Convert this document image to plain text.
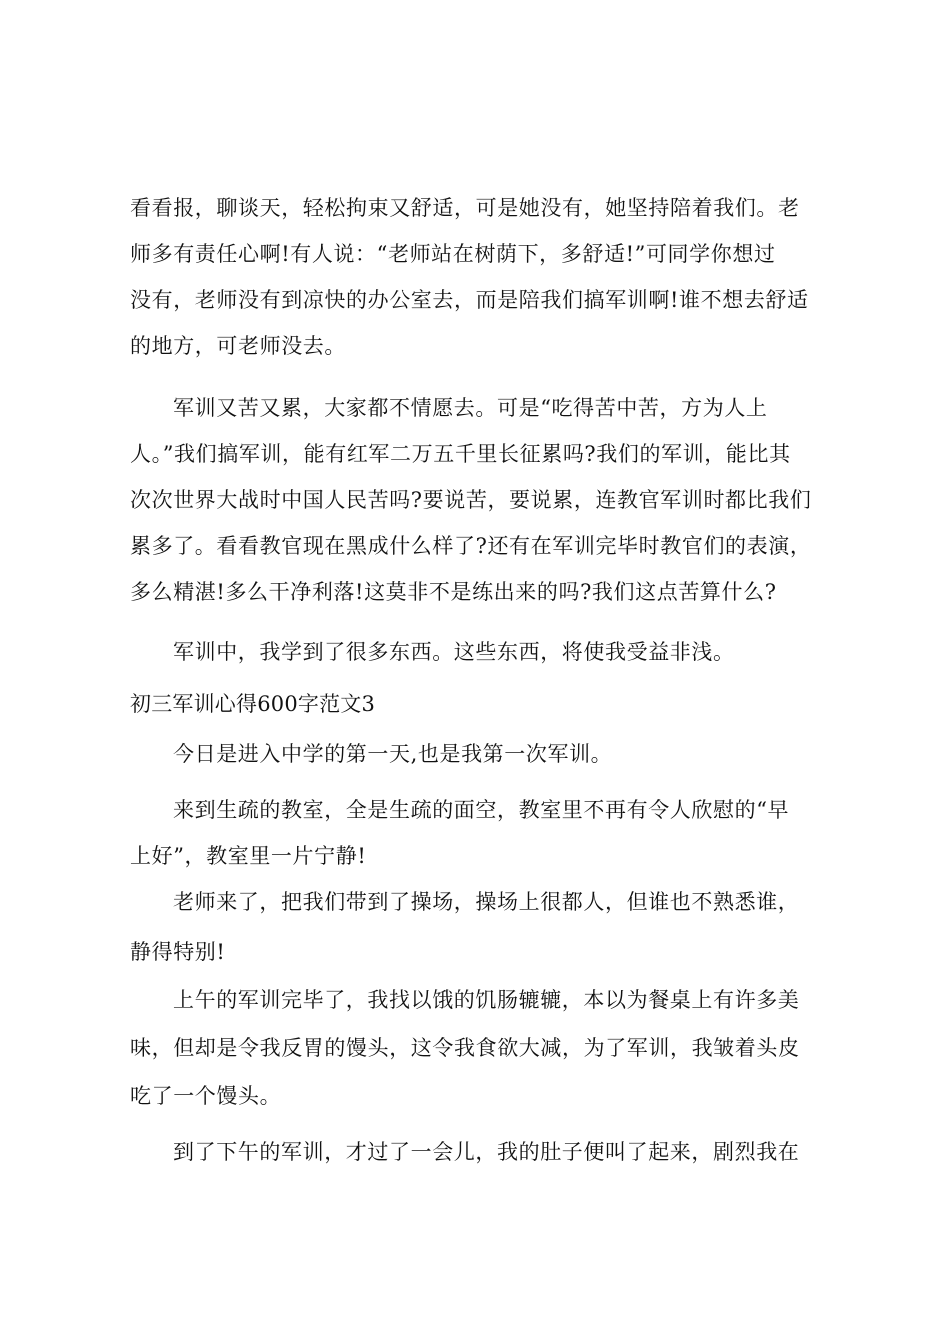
看看报，聊谈天，轻松拘束又舒适，可是她没有，她坚持陪着我们。老
师多有责任心啊!有人说：“老师站在树荫下，多舒适!”可同学你想过
没有，老师没有到凉快的办公室去，而是陪我们搞军训啊!谁不想去舒适
的地方，可老师没去。
军训又苦又累，大家都不情愿去。可是“吃得苦中苦，方为人上
人。”我们搞军训，能有红军二万五千里长征累吗?我们的军训，能比其
次次世界大战时中国人民苦吗?要说苦，要说累，连教官军训时都比我们
累多了。看看教官现在黑成什么样了?还有在军训完毕时教官们的表演，
多么精湛!多么干净利落!这莫非不是练出来的吗?我们这点苦算什么?
军训中，我学到了很多东西。这些东西，将使我受益非浅。
初三军训心得600字范文3
今日是进入中学的第一天,也是我第一次军训。
来到生疏的教室，全是生疏的面空，教室里不再有令人欣慰的“早
上好”，教室里一片宁静!
老师来了，把我们带到了操场，操场上很都人，但谁也不熟悉谁，
静得特别!
上午的军训完毕了，我找以饿的饥肠辘辘，本以为餐桌上有许多美
味，但却是令我反胃的馒头，这令我食欲大减，为了军训，我皱着头皮
吃了一个馒头。
到了下午的军训，才过了一会儿，我的肚子便叫了起来，剧烈我在
